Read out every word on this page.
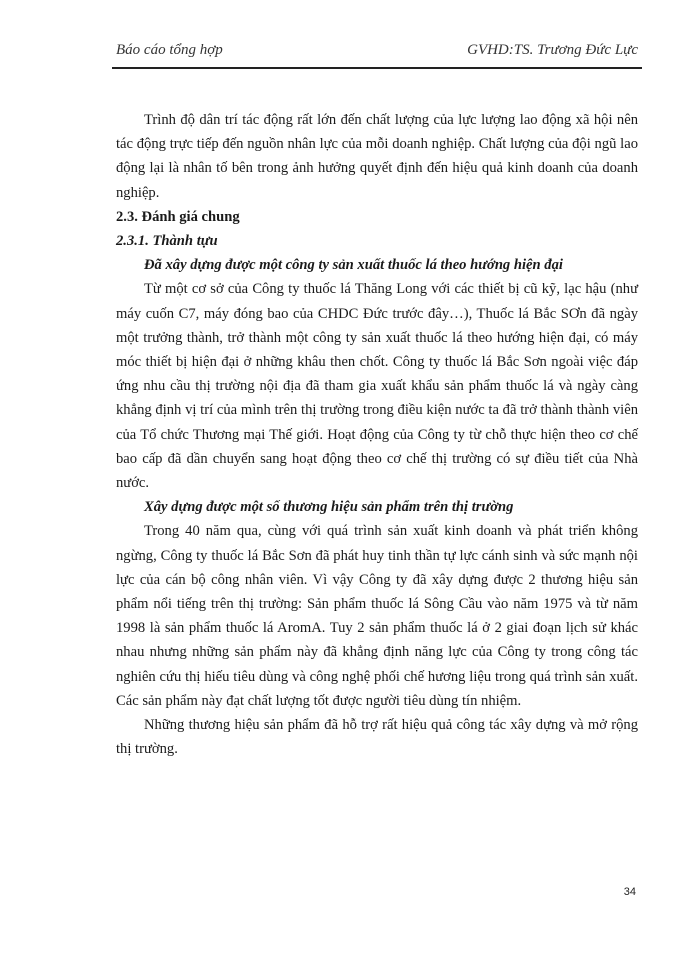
Báo cáo tổng hợp	GVHD:TS. Trương Đức Lực

Trình độ dân trí tác động rất lớn đến chất lượng của lực lượng lao động xã hội nên tác động trực tiếp đến nguồn nhân lực của mỗi doanh nghiệp. Chất lượng của đội ngũ lao động lại là nhân tố bên trong ảnh hưởng quyết định đến hiệu quả kinh doanh của doanh nghiệp.

2.3. Đánh giá chung

2.3.1. Thành tựu

Đã xây dựng được một công ty sản xuất thuốc lá theo hướng hiện đại

Từ một cơ sở của Công ty thuốc lá Thăng Long với các thiết bị cũ kỹ, lạc hậu (như máy cuốn C7, máy đóng bao của CHDC Đức trước đây…), Thuốc lá Bắc SƠn đã ngày một trưởng thành, trở thành một công ty sản xuất thuốc lá theo hướng hiện đại, có máy móc thiết bị hiện đại ở những khâu then chốt. Công ty thuốc lá Bắc Sơn ngoài việc đáp ứng nhu cầu thị trường nội địa đã tham gia xuất khẩu sản phẩm thuốc lá và ngày càng khẳng định vị trí của mình trên thị trường trong điều kiện nước ta đã trở thành thành viên của Tổ chức Thương mại Thế giới. Hoạt động của Công ty từ chỗ thực hiện theo cơ chế bao cấp đã dần chuyển sang hoạt động theo cơ chế thị trường có sự điều tiết của Nhà nước.

Xây dựng được một số thương hiệu sản phẩm trên thị trường

Trong 40 năm qua, cùng với quá trình sản xuất kinh doanh và phát triển không ngừng, Công ty thuốc lá Bắc Sơn đã phát huy tinh thần tự lực cánh sinh và sức mạnh nội lực của cán bộ công nhân viên. Vì vậy Công ty đã xây dựng được 2 thương hiệu sản phẩm nổi tiếng trên thị trường: Sản phẩm thuốc lá Sông Cầu vào năm 1975 và từ năm 1998 là sản phẩm thuốc lá AromA. Tuy 2 sản phẩm thuốc lá ở 2 giai đoạn lịch sử khác nhau nhưng những sản phẩm này đã khẳng định năng lực của Công ty trong công tác nghiên cứu thị hiếu tiêu dùng và công nghệ phối chế hương liệu trong quá trình sản xuất. Các sản phẩm này đạt chất lượng tốt được người tiêu dùng tín nhiệm.

Những thương hiệu sản phẩm đã hỗ trợ rất hiệu quả công tác xây dựng và mở rộng thị trường.

34
